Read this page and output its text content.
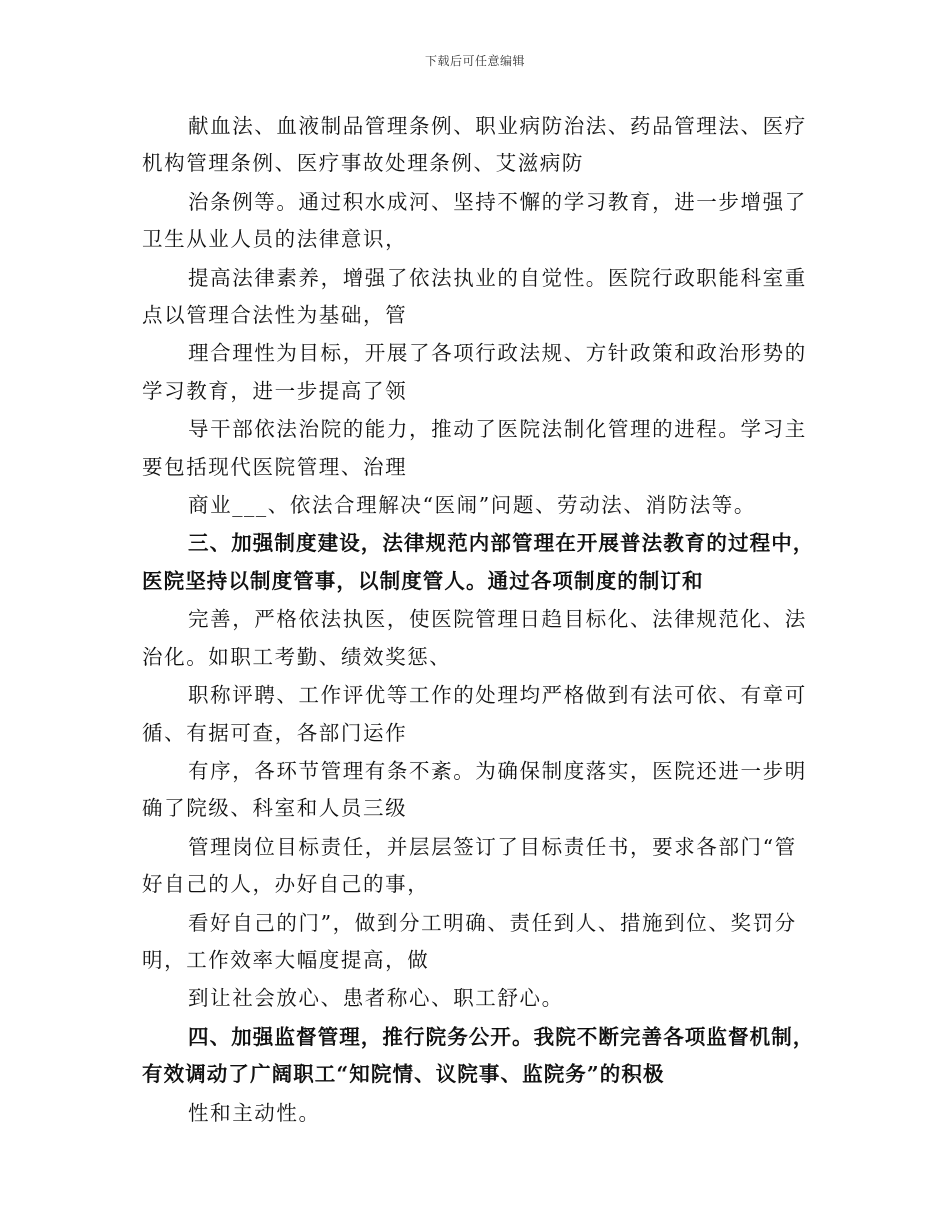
下载后可任意编辑

献血法、血液制品管理条例、职业病防治法、药品管理法、医疗
机构管理条例、医疗事故处理条例、艾滋病防

治条例等。通过积水成河、坚持不懈的学习教育，进一步增强了
卫生从业人员的法律意识，

提高法律素养，增强了依法执业的自觉性。医院行政职能科室重
点以管理合法性为基础，管

理合理性为目标，开展了各项行政法规、方针政策和政治形势的
学习教育，进一步提高了领

导干部依法治院的能力，推动了医院法制化管理的进程。学习主
要包括现代医院管理、治理

商业___、依法合理解决“医闹”问题、劳动法、消防法等。

三、加强制度建设，法律规范内部管理在开展普法教育的过程中，
医院坚持以制度管事，以制度管人。通过各项制度的制订和

完善，严格依法执医，使医院管理日趋目标化、法律规范化、法
治化。如职工考勤、绩效奖惩、

职称评聘、工作评优等工作的处理均严格做到有法可依、有章可
循、有据可查，各部门运作

有序，各环节管理有条不紊。为确保制度落实，医院还进一步明
确了院级、科室和人员三级

管理岗位目标责任，并层层签订了目标责任书，要求各部门“管
好自己的人，办好自己的事，

看好自己的门”，做到分工明确、责任到人、措施到位、奖罚分
明，工作效率大幅度提高，做

到让社会放心、患者称心、职工舒心。

四、加强监督管理，推行院务公开。我院不断完善各项监督机制，
有效调动了广阔职工“知院情、议院事、监院务”的积极

性和主动性。
